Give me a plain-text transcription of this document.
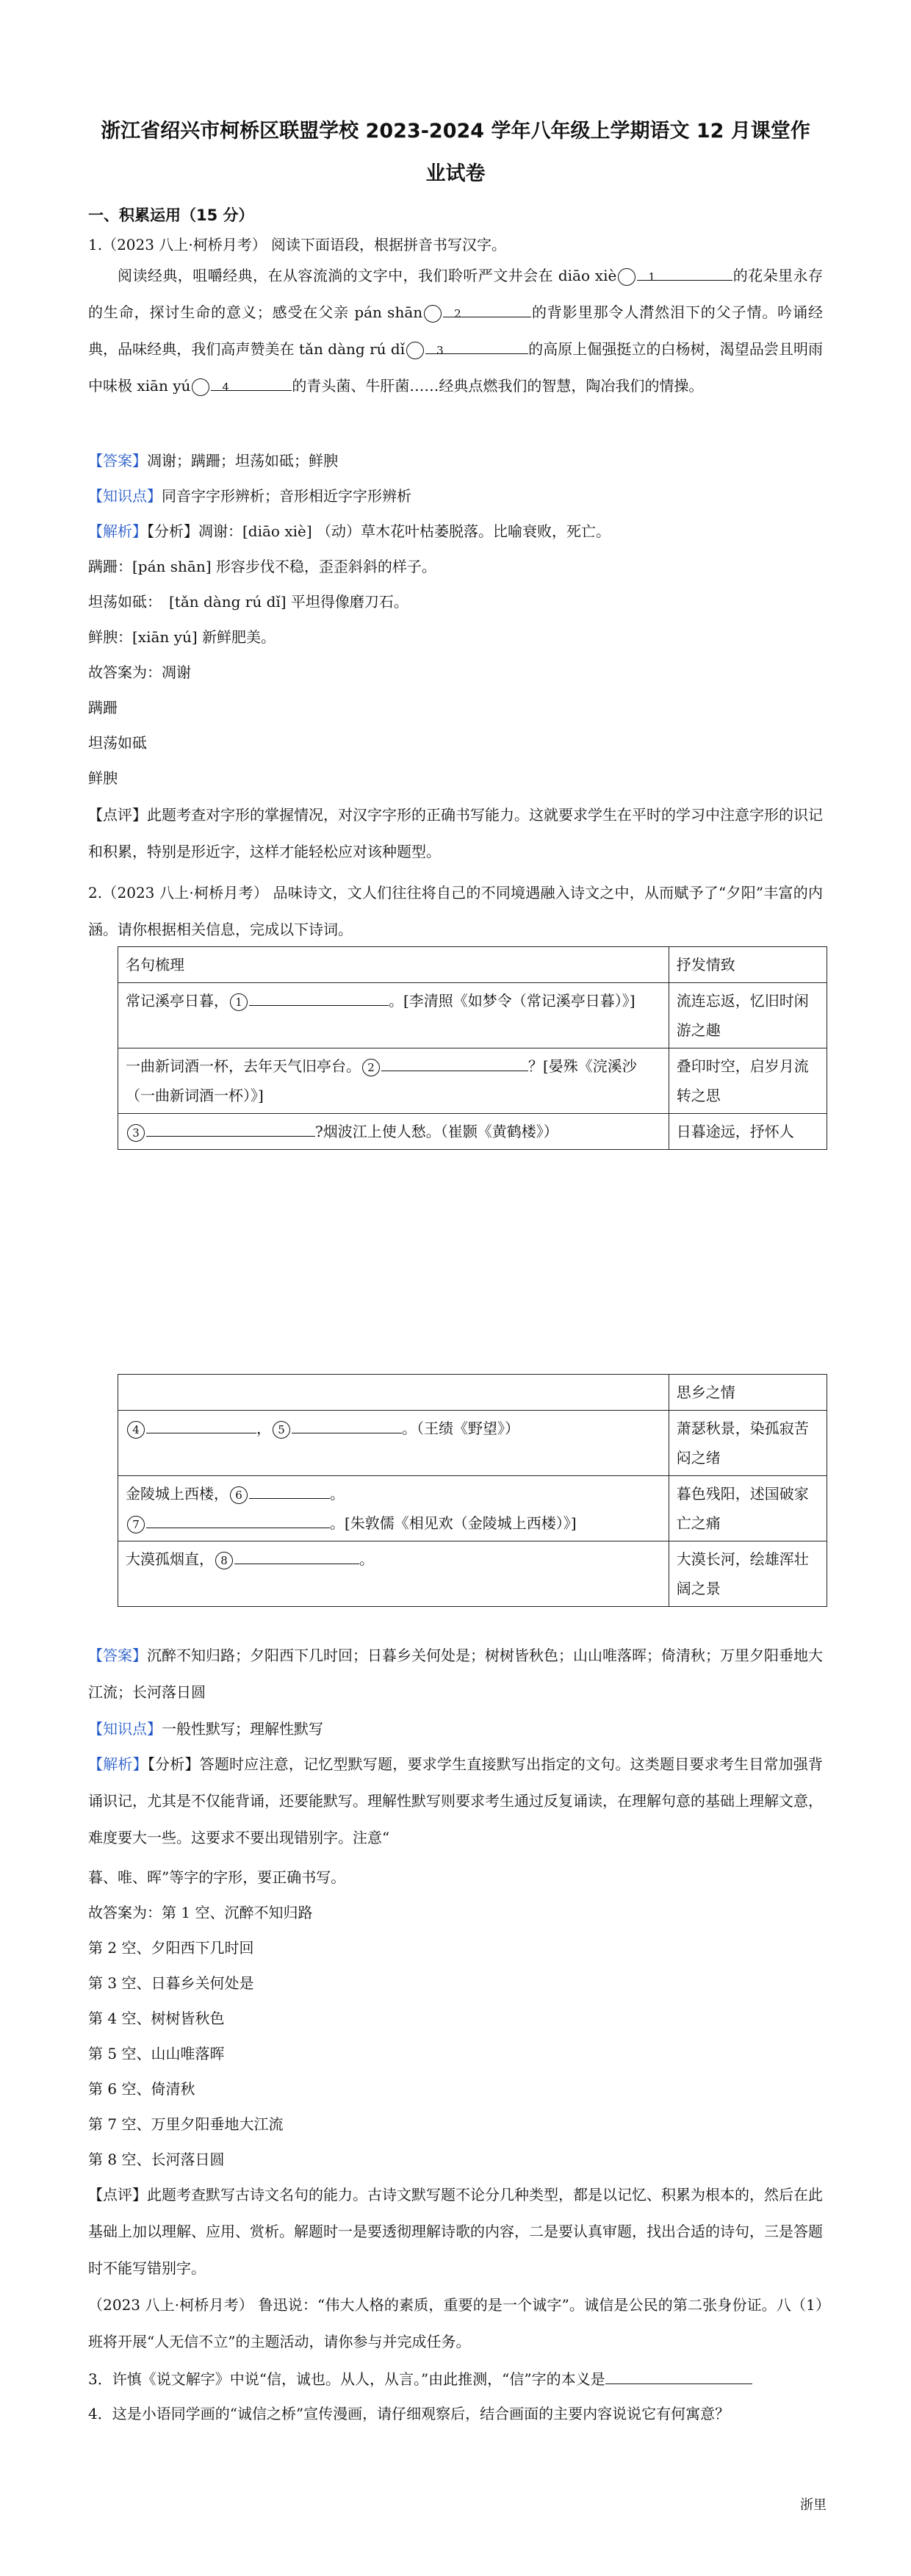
浙江省绍兴市柯桥区联盟学校 2023-2024 学年八年级上学期语文 12 月课堂作
业试卷
一、积累运用（15 分）
1.（2023 八上·柯桥月考） 阅读下面语段，根据拼音书写汉字。
阅读经典，咀嚼经典，在从容流淌的文字中，我们聆听严文井会在 diāo xiè	1	的花朵里永存的生命，探讨生命的意义；感受在父亲 pán shān	2	的背影里那令人潸然泪下的父子情。吟诵经典，品味经典，我们高声赞美在 tǎn dàng rú dǐ	3	的高原上倔强挺立的白杨树，渴望品尝且明雨中味极 xiān yú	4	的青头菌、牛肝菌……经典点燃我们的智慧，陶冶我们的情操。
【答案】凋谢；蹒跚；坦荡如砥；鲜腴
【知识点】同音字字形辨析；音形相近字字形辨析
【解析】【分析】凋谢：[diāo xiè] （动）草木花叶枯萎脱落。比喻衰败，死亡。
蹒跚：[pán shān] 形容步伐不稳，歪歪斜斜的样子。
坦荡如砥：　[tǎn dàng rú dǐ] 平坦得像磨刀石。
鲜腴：[xiān yú] 新鲜肥美。
故答案为：凋谢
蹒跚
坦荡如砥
鲜腴
【点评】此题考查对字形的掌握情况，对汉字字形的正确书写能力。这就要求学生在平时的学习中注意字形的识记和积累，特别是形近字，这样才能轻松应对该种题型。
2.（2023 八上·柯桥月考） 品味诗文，文人们往往将自己的不同境遇融入诗文之中，从而赋予了“夕阳”丰富的内涵。请你根据相关信息，完成以下诗词。
名句梳理	抒发情致
常记溪亭日暮， 1 。[李清照《如梦令（常记溪亭日暮）》]	流连忘返，忆旧时闲游之趣
一曲新词酒一杯，去年天气旧亭台。 2 ？[晏殊《浣溪沙（一曲新词酒一杯）》]	叠印时空，启岁月流转之思
3 ?烟波江上使人愁。（崔颢《黄鹤楼》）	日暮途远，抒怀人
	思乡之情
4 ， 5 。（王绩《野望》）	萧瑟秋景，染孤寂苦闷之绪
金陵城上西楼， 6 。
7 。[朱敦儒《相见欢（金陵城上西楼）》]	暮色残阳，述国破家亡之痛
大漠孤烟直， 8 。	大漠长河，绘雄浑壮阔之景
【答案】沉醉不知归路；夕阳西下几时回；日暮乡关何处是；树树皆秋色；山山唯落晖；倚清秋；万里夕阳垂地大江流；长河落日圆
【知识点】一般性默写；理解性默写
【解析】【分析】答题时应注意，记忆型默写题，要求学生直接默写出指定的文句。这类题目要求考生目常加强背诵识记，尤其是不仅能背诵，还要能默写。理解性默写则要求考生通过反复诵读，在理解句意的基础上理解文意，难度要大一些。这要求不要出现错别字。注意“
暮、唯、晖”等字的字形，要正确书写。
故答案为：第 1 空、沉醉不知归路
第 2 空、夕阳西下几时回
第 3 空、日暮乡关何处是
第 4 空、树树皆秋色
第 5 空、山山唯落晖
第 6 空、倚清秋
第 7 空、万里夕阳垂地大江流
第 8 空、长河落日圆
【点评】此题考查默写古诗文名句的能力。古诗文默写题不论分几种类型，都是以记忆、积累为根本的，然后在此基础上加以理解、应用、赏析。解题时一是要透彻理解诗歌的内容，二是要认真审题，找出合适的诗句，三是答题时不能写错别字。
（2023 八上·柯桥月考） 鲁迅说：“伟大人格的素质，重要的是一个诚字”。诚信是公民的第二张身份证。八（1）班将开展“人无信不立”的主题活动，请你参与并完成任务。
3．许慎《说文解字》中说“信，诚也。从人，从言。”由此推测，“信”字的本义是
4．这是小语同学画的“诚信之桥”宣传漫画，请仔细观察后，结合画面的主要内容说说它有何寓意？
浙里
